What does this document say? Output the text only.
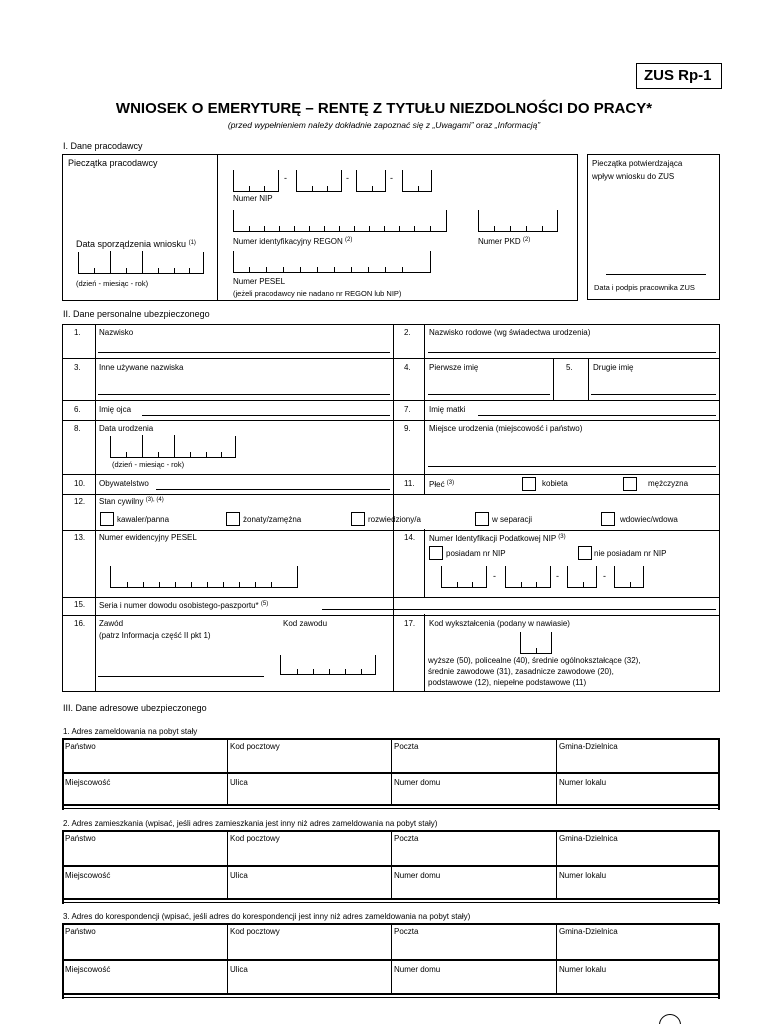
ZUS Rp-1
WNIOSEK O EMERYTURĘ – RENTĘ Z TYTUŁU NIEZDOLNOŚCI DO PRACY*
(przed wypełnieniem należy dokładnie zapoznać się z „Uwagami” oraz „Informacją”
I. Dane pracodawcy
Pieczątka pracodawcy
Data sporządzenia wniosku $^{(1)}$
(dzień - miesiąc - rok)
-	-	-
Numer NIP
Numer identyfikacyjny REGON $^{(2)}$	Numer PKD $^{(2)}$
Numer PESEL
(jeżeli pracodawcy nie nadano nr REGON lub NIP)
Pieczątka potwierdzająca
wpływ wniosku do ZUS
Data i podpis pracownika ZUS
II. Dane personalne ubezpieczonego
1. Nazwisko	2. Nazwisko rodowe (wg świadectwa urodzenia)
3. Inne używane nazwiska	4. Pierwsze imię	5.	Drugie imię
6. Imię ojca	7. Imię matki
8. Data urodzenia
(dzień - miesiąc - rok)
9. Miejsce urodzenia (miejscowość i państwo)
10. Obywatelstwo	11. Płeć $^{(3)}$	kobieta	mężczyzna
12. Stan cywilny $^{(3), (4)}$
kawaler/panna	żonaty/zamężna	rozwiedziony/a	w separacji	wdowiec/wdowa
13. Numer ewidencyjny PESEL	14. Numer Identyfikacji Podatkowej NIP $^{(3)}$
posiadam nr NIP	nie posiadam nr NIP
-	-	-
15. Seria i numer dowodu osobistego-paszportu* $^{(5)}$
16. Zawód
(patrz Informacja część II pkt 1)
Kod zawodu	17. Kod wykształcenia (podany w nawiasie)
wyższe (50), policealne (40), średnie ogólnokształcące (32),
średnie zawodowe (31), zasadnicze zawodowe (20),
podstawowe (12), niepełne podstawowe (11)
III. Dane adresowe ubezpieczonego
1. Adres zameldowania na pobyt stały
Państwo	Kod pocztowy	Poczta	Gmina-Dzielnica
Miejscowość	Ulica	Numer domu	Numer lokalu
2. Adres zamieszkania (wpisać, jeśli adres zamieszkania jest inny niż adres zameldowania na pobyt stały)
Państwo	Kod pocztowy	Poczta	Gmina-Dzielnica
Miejscowość	Ulica	Numer domu	Numer lokalu
3. Adres do korespondencji (wpisać, jeśli adres do korespondencji jest inny niż adres zameldowania na pobyt stały)
Państwo	Kod pocztowy	Poczta	Gmina-Dzielnica
Miejscowość	Ulica	Numer domu	Numer lokalu
